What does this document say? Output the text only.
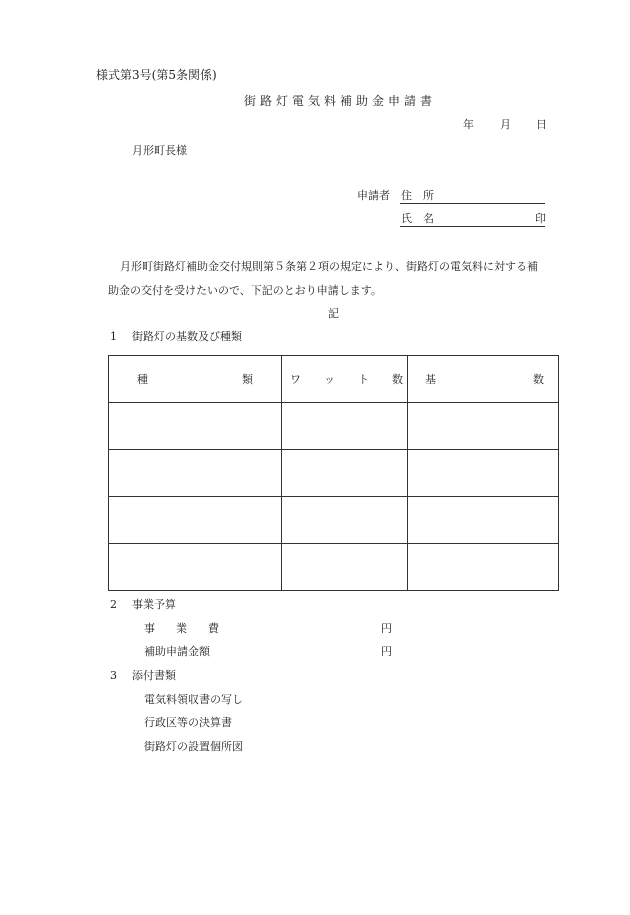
様式第3号(第5条関係)
街路灯電気料補助金申請書
年 月 日
月形町長様
申請者 住　所
氏　名	印
月形町街路灯補助金交付規則第５条第２項の規定により、街路灯の電気料に対する補
助金の交付を受けたいので、下記のとおり申請します。
記
1 街路灯の基数及び種類
種 類	ワ ッ ト 数	基 数

2 事業予算
事 業 費	円
補助申請金額	円
3 添付書類
電気料領収書の写し
行政区等の決算書
街路灯の設置個所図
